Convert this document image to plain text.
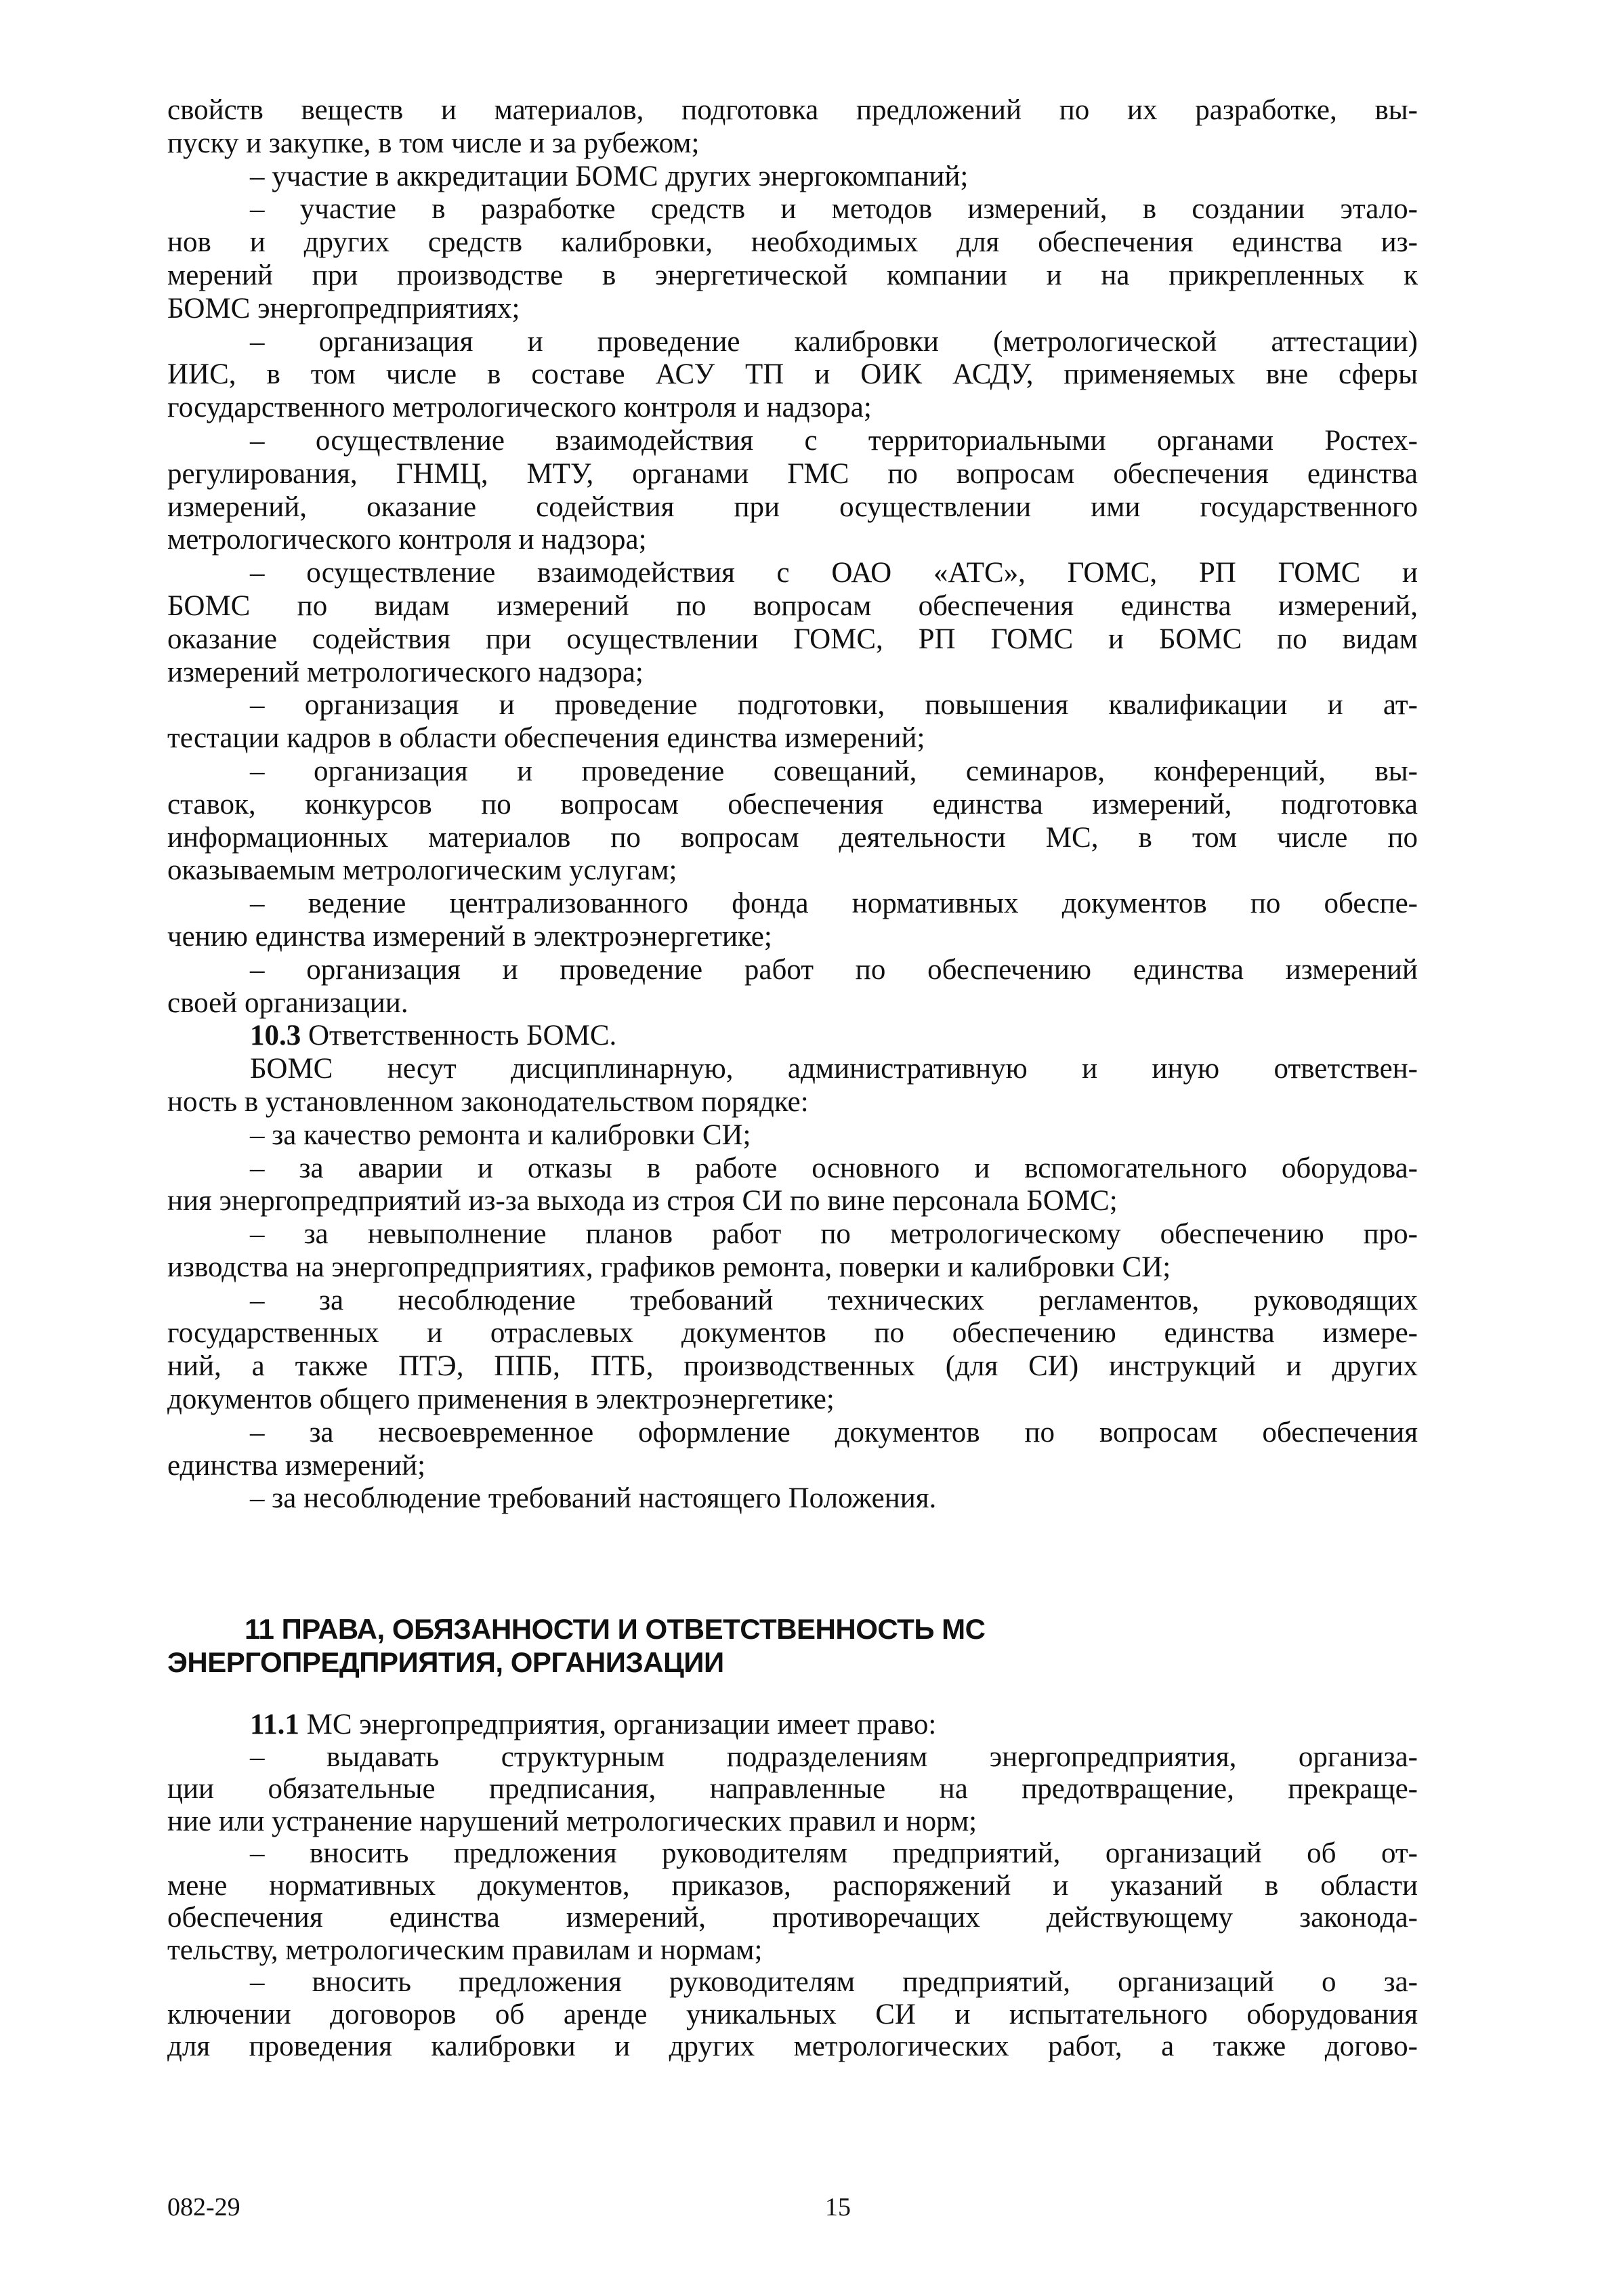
свойств веществ и материалов, подготовка предложений по их разработке, вы-
пуску и закупке, в том числе и за рубежом;
– участие в аккредитации БОМС других энергокомпаний;
– участие в разработке средств и методов измерений, в создании этало-
нов и других средств калибровки, необходимых для обеспечения единства из-
мерений при производстве в энергетической компании и на прикрепленных к
БОМС энергопредприятиях;
– организация и проведение калибровки (метрологической аттестации)
ИИС, в том числе в составе АСУ ТП и ОИК АСДУ, применяемых вне сферы
государственного метрологического контроля и надзора;
– осуществление взаимодействия с территориальными органами Ростех-
регулирования, ГНМЦ, МТУ, органами ГМС по вопросам обеспечения единства
измерений, оказание содействия при осуществлении ими государственного
метрологического контроля и надзора;
– осуществление взаимодействия с ОАО «АТС», ГОМС, РП ГОМС и
БОМС по видам измерений по вопросам обеспечения единства измерений,
оказание содействия при осуществлении ГОМС, РП ГОМС и БОМС по видам
измерений метрологического надзора;
– организация и проведение подготовки, повышения квалификации и ат-
тестации кадров в области обеспечения единства измерений;
– организация и проведение совещаний, семинаров, конференций, вы-
ставок, конкурсов по вопросам обеспечения единства измерений, подготовка
информационных материалов по вопросам деятельности МС, в том числе по
оказываемым метрологическим услугам;
– ведение централизованного фонда нормативных документов по обеспе-
чению единства измерений в электроэнергетике;
– организация и проведение работ по обеспечению единства измерений
своей организации.
10.3 Ответственность БОМС.
БОМС несут дисциплинарную, административную и иную ответствен-
ность в установленном законодательством порядке:
– за качество ремонта и калибровки СИ;
– за аварии и отказы в работе основного и вспомогательного оборудова-
ния энергопредприятий из-за выхода из строя СИ по вине персонала БОМС;
– за невыполнение планов работ по метрологическому обеспечению про-
изводства на энергопредприятиях, графиков ремонта, поверки и калибровки СИ;
– за несоблюдение требований технических регламентов, руководящих
государственных и отраслевых документов по обеспечению единства измере-
ний, а также ПТЭ, ППБ, ПТБ, производственных (для СИ) инструкций и других
документов общего применения в электроэнергетике;
– за несвоевременное оформление документов по вопросам обеспечения
единства измерений;
– за несоблюдение требований настоящего Положения.
11 ПРАВА, ОБЯЗАННОСТИ И ОТВЕТСТВЕННОСТЬ МС
ЭНЕРГОПРЕДПРИЯТИЯ, ОРГАНИЗАЦИИ
11.1 МС энергопредприятия, организации имеет право:
– выдавать структурным подразделениям энергопредприятия, организа-
ции обязательные предписания, направленные на предотвращение, прекраще-
ние или устранение нарушений метрологических правил и норм;
– вносить предложения руководителям предприятий, организаций об от-
мене нормативных документов, приказов, распоряжений и указаний в области
обеспечения единства измерений, противоречащих действующему законода-
тельству, метрологическим правилам и нормам;
– вносить предложения руководителям предприятий, организаций о за-
ключении договоров об аренде уникальных СИ и испытательного оборудования
для проведения калибровки и других метрологических работ, а также догово-
082-29	15
